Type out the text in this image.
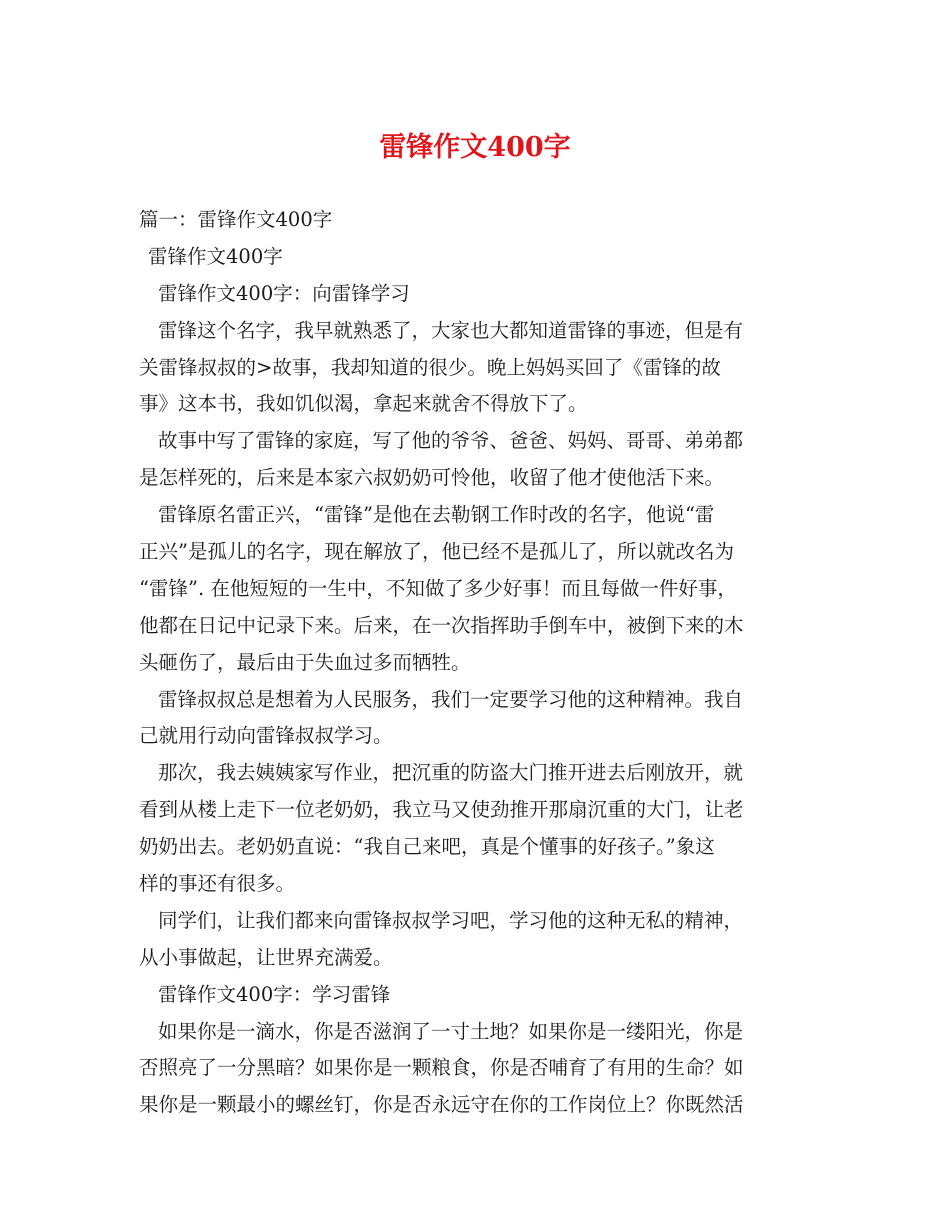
雷锋作文400字

篇一：雷锋作文400字

雷锋作文400字

雷锋作文400字：向雷锋学习

雷锋这个名字，我早就熟悉了，大家也大都知道雷锋的事迹，但是有

关雷锋叔叔的>故事，我却知道的很少。晚上妈妈买回了《雷锋的故

事》这本书，我如饥似渴，拿起来就舍不得放下了。

故事中写了雷锋的家庭，写了他的爷爷、爸爸、妈妈、哥哥、弟弟都

是怎样死的，后来是本家六叔奶奶可怜他，收留了他才使他活下来。

雷锋原名雷正兴，“雷锋”是他在去勒钢工作时改的名字，他说“雷

正兴”是孤儿的名字，现在解放了，他已经不是孤儿了，所以就改名为

“雷锋”. 在他短短的一生中，不知做了多少好事！而且每做一件好事，

他都在日记中记录下来。后来，在一次指挥助手倒车中，被倒下来的木

头砸伤了，最后由于失血过多而牺牲。

雷锋叔叔总是想着为人民服务，我们一定要学习他的这种精神。我自

己就用行动向雷锋叔叔学习。

那次，我去姨姨家写作业，把沉重的防盗大门推开进去后刚放开，就

看到从楼上走下一位老奶奶，我立马又使劲推开那扇沉重的大门，让老

奶奶出去。老奶奶直说：“我自己来吧，真是个懂事的好孩子。”象这

样的事还有很多。

同学们，让我们都来向雷锋叔叔学习吧，学习他的这种无私的精神，

从小事做起，让世界充满爱。

雷锋作文400字：学习雷锋

如果你是一滴水，你是否滋润了一寸土地？如果你是一缕阳光，你是

否照亮了一分黑暗？如果你是一颗粮食，你是否哺育了有用的生命？如

果你是一颗最小的螺丝钉，你是否永远守在你的工作岗位上？你既然活
